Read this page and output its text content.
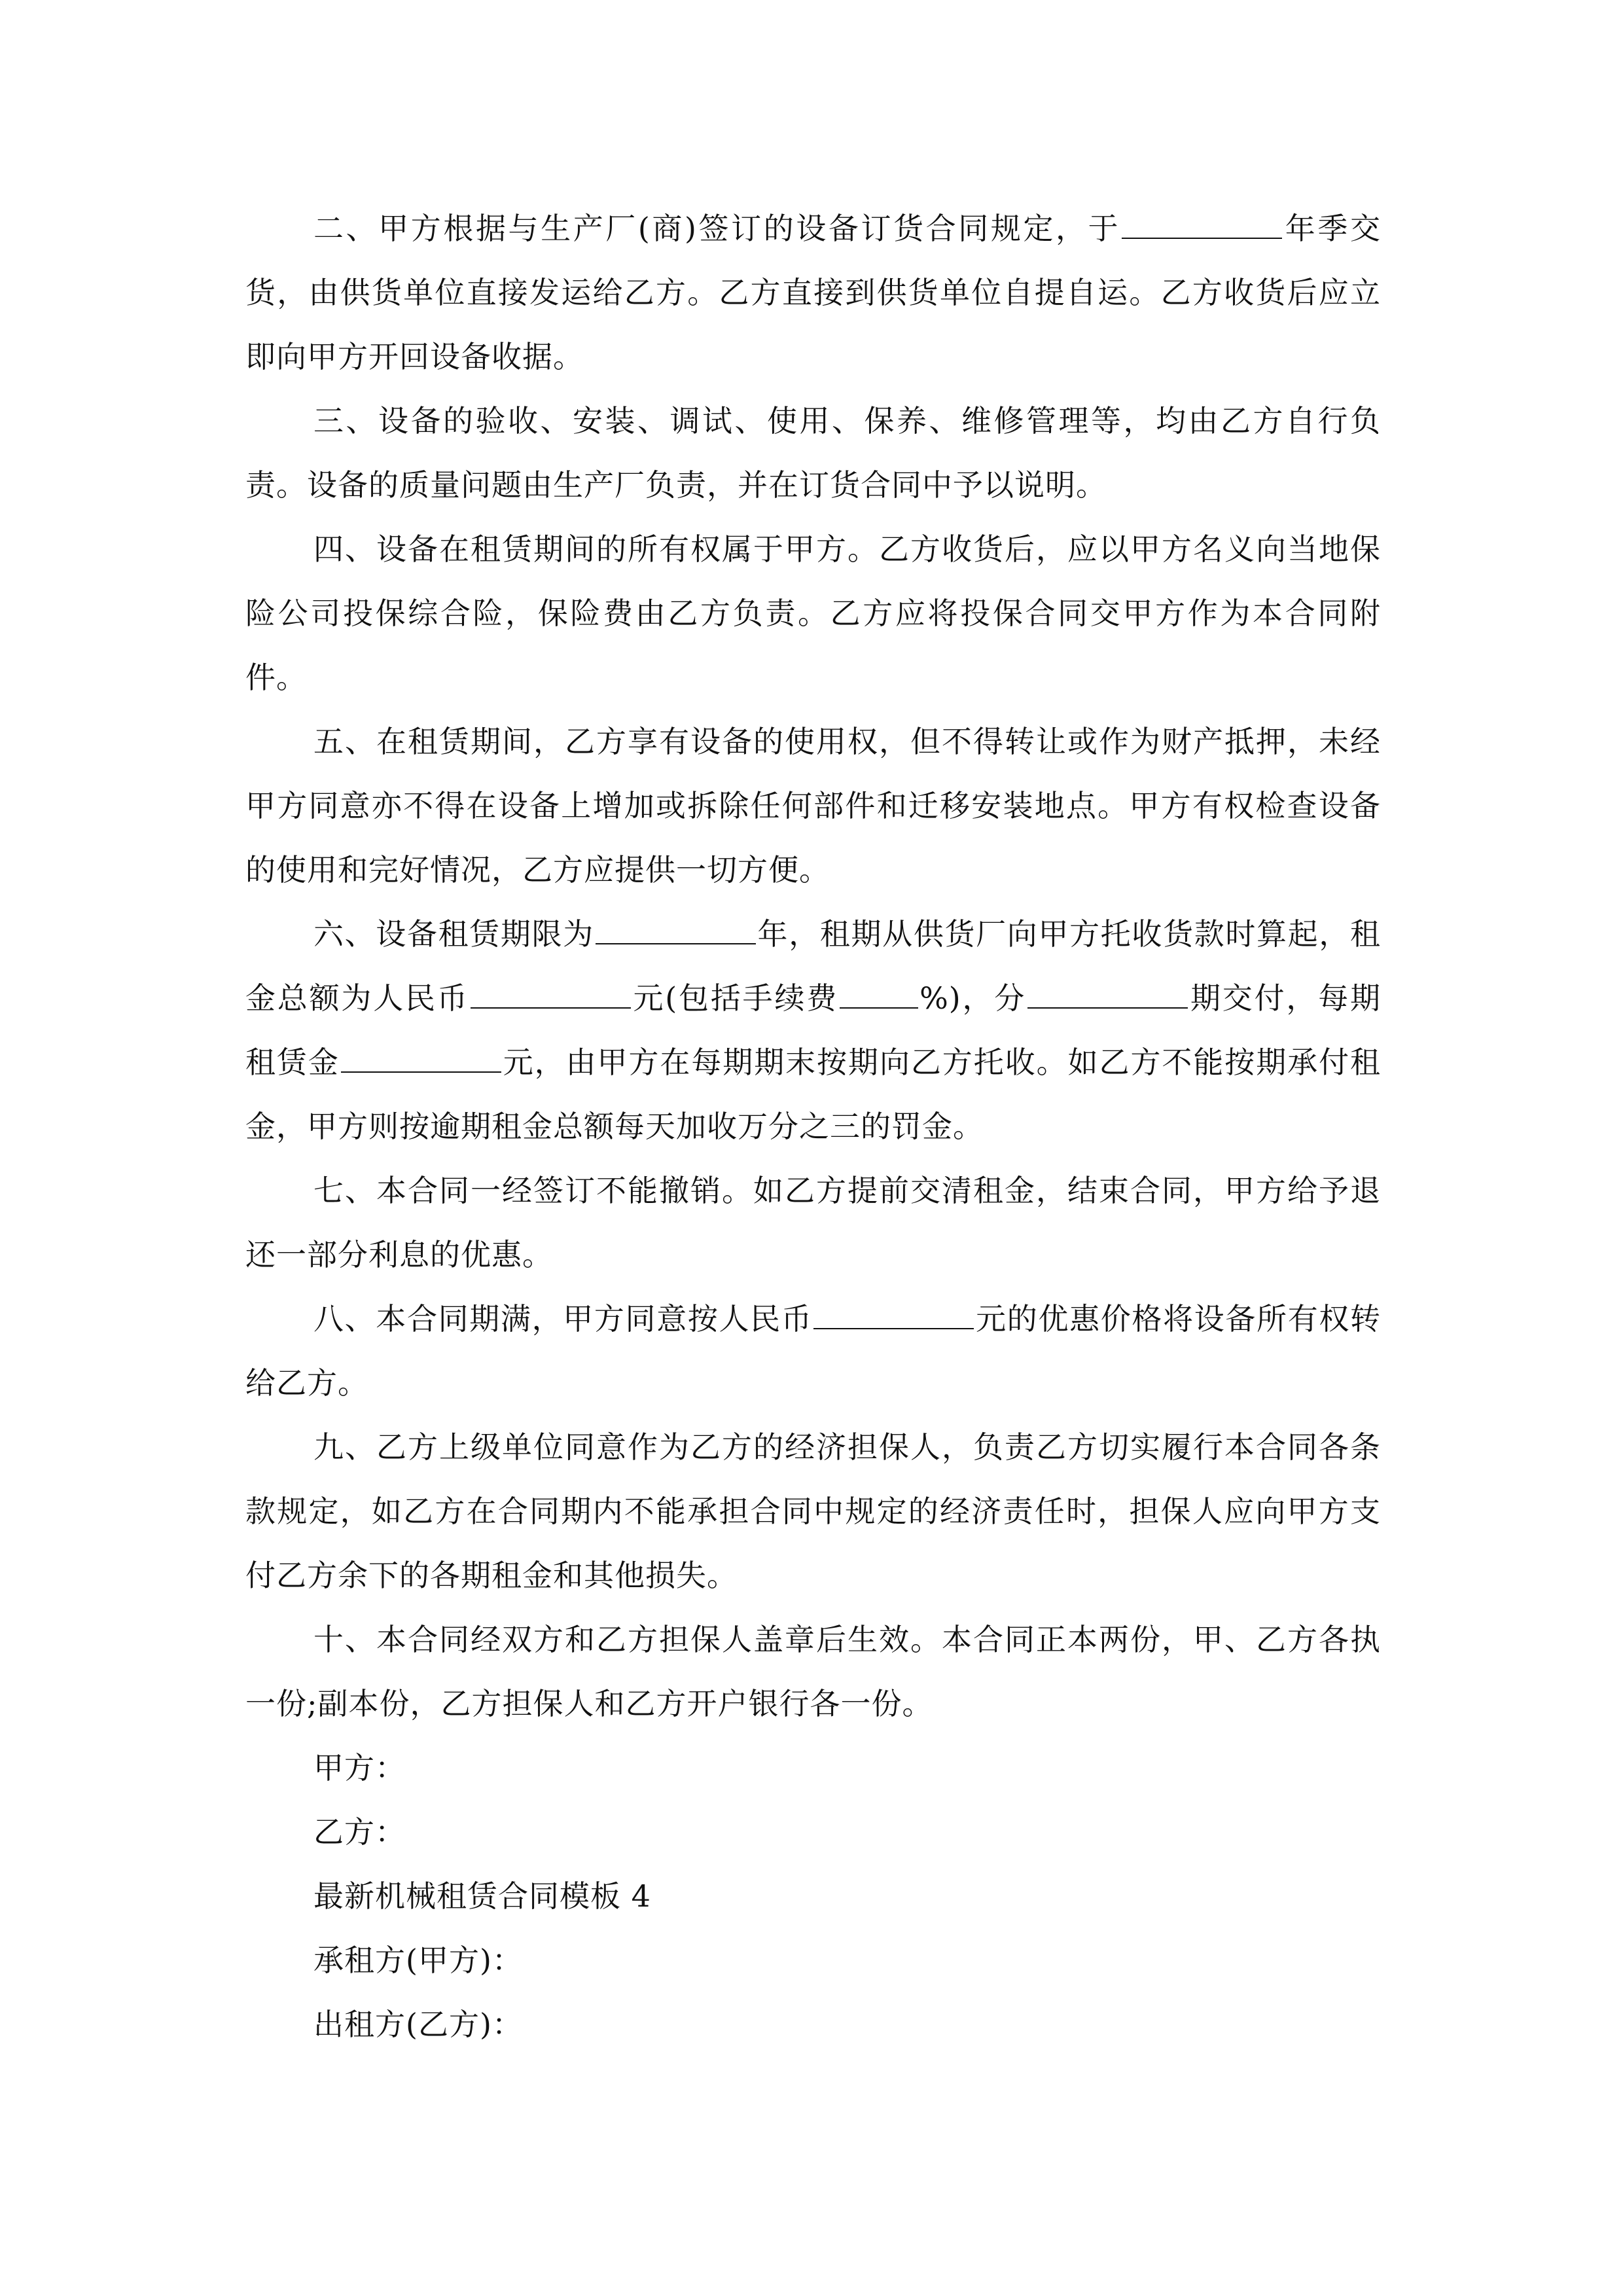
二、甲方根据与生产厂(商)签订的设备订货合同规定，于	年季交货，由供货单位直接发运给乙方。乙方直接到供货单位自提自运。乙方收货后应立即向甲方开回设备收据。

三、设备的验收、安装、调试、使用、保养、维修管理等，均由乙方自行负责。设备的质量问题由生产厂负责，并在订货合同中予以说明。

四、设备在租赁期间的所有权属于甲方。乙方收货后，应以甲方名义向当地保险公司投保综合险，保险费由乙方负责。乙方应将投保合同交甲方作为本合同附件。

五、在租赁期间，乙方享有设备的使用权，但不得转让或作为财产抵押，未经甲方同意亦不得在设备上增加或拆除任何部件和迁移安装地点。甲方有权检查设备的使用和完好情况，乙方应提供一切方便。

六、设备租赁期限为	年，租期从供货厂向甲方托收货款时算起，租金总额为人民币	元(包括手续费	%)，分	期交付，每期租赁金	元，由甲方在每期期末按期向乙方托收。如乙方不能按期承付租金，甲方则按逾期租金总额每天加收万分之三的罚金。

七、本合同一经签订不能撤销。如乙方提前交清租金，结束合同，甲方给予退还一部分利息的优惠。

八、本合同期满，甲方同意按人民币	元的优惠价格将设备所有权转给乙方。

九、乙方上级单位同意作为乙方的经济担保人，负责乙方切实履行本合同各条款规定，如乙方在合同期内不能承担合同中规定的经济责任时，担保人应向甲方支付乙方余下的各期租金和其他损失。

十、本合同经双方和乙方担保人盖章后生效。本合同正本两份，甲、乙方各执一份;副本份，乙方担保人和乙方开户银行各一份。

甲方：

乙方：

最新机械租赁合同模板 4

承租方(甲方)：

出租方(乙方)：
